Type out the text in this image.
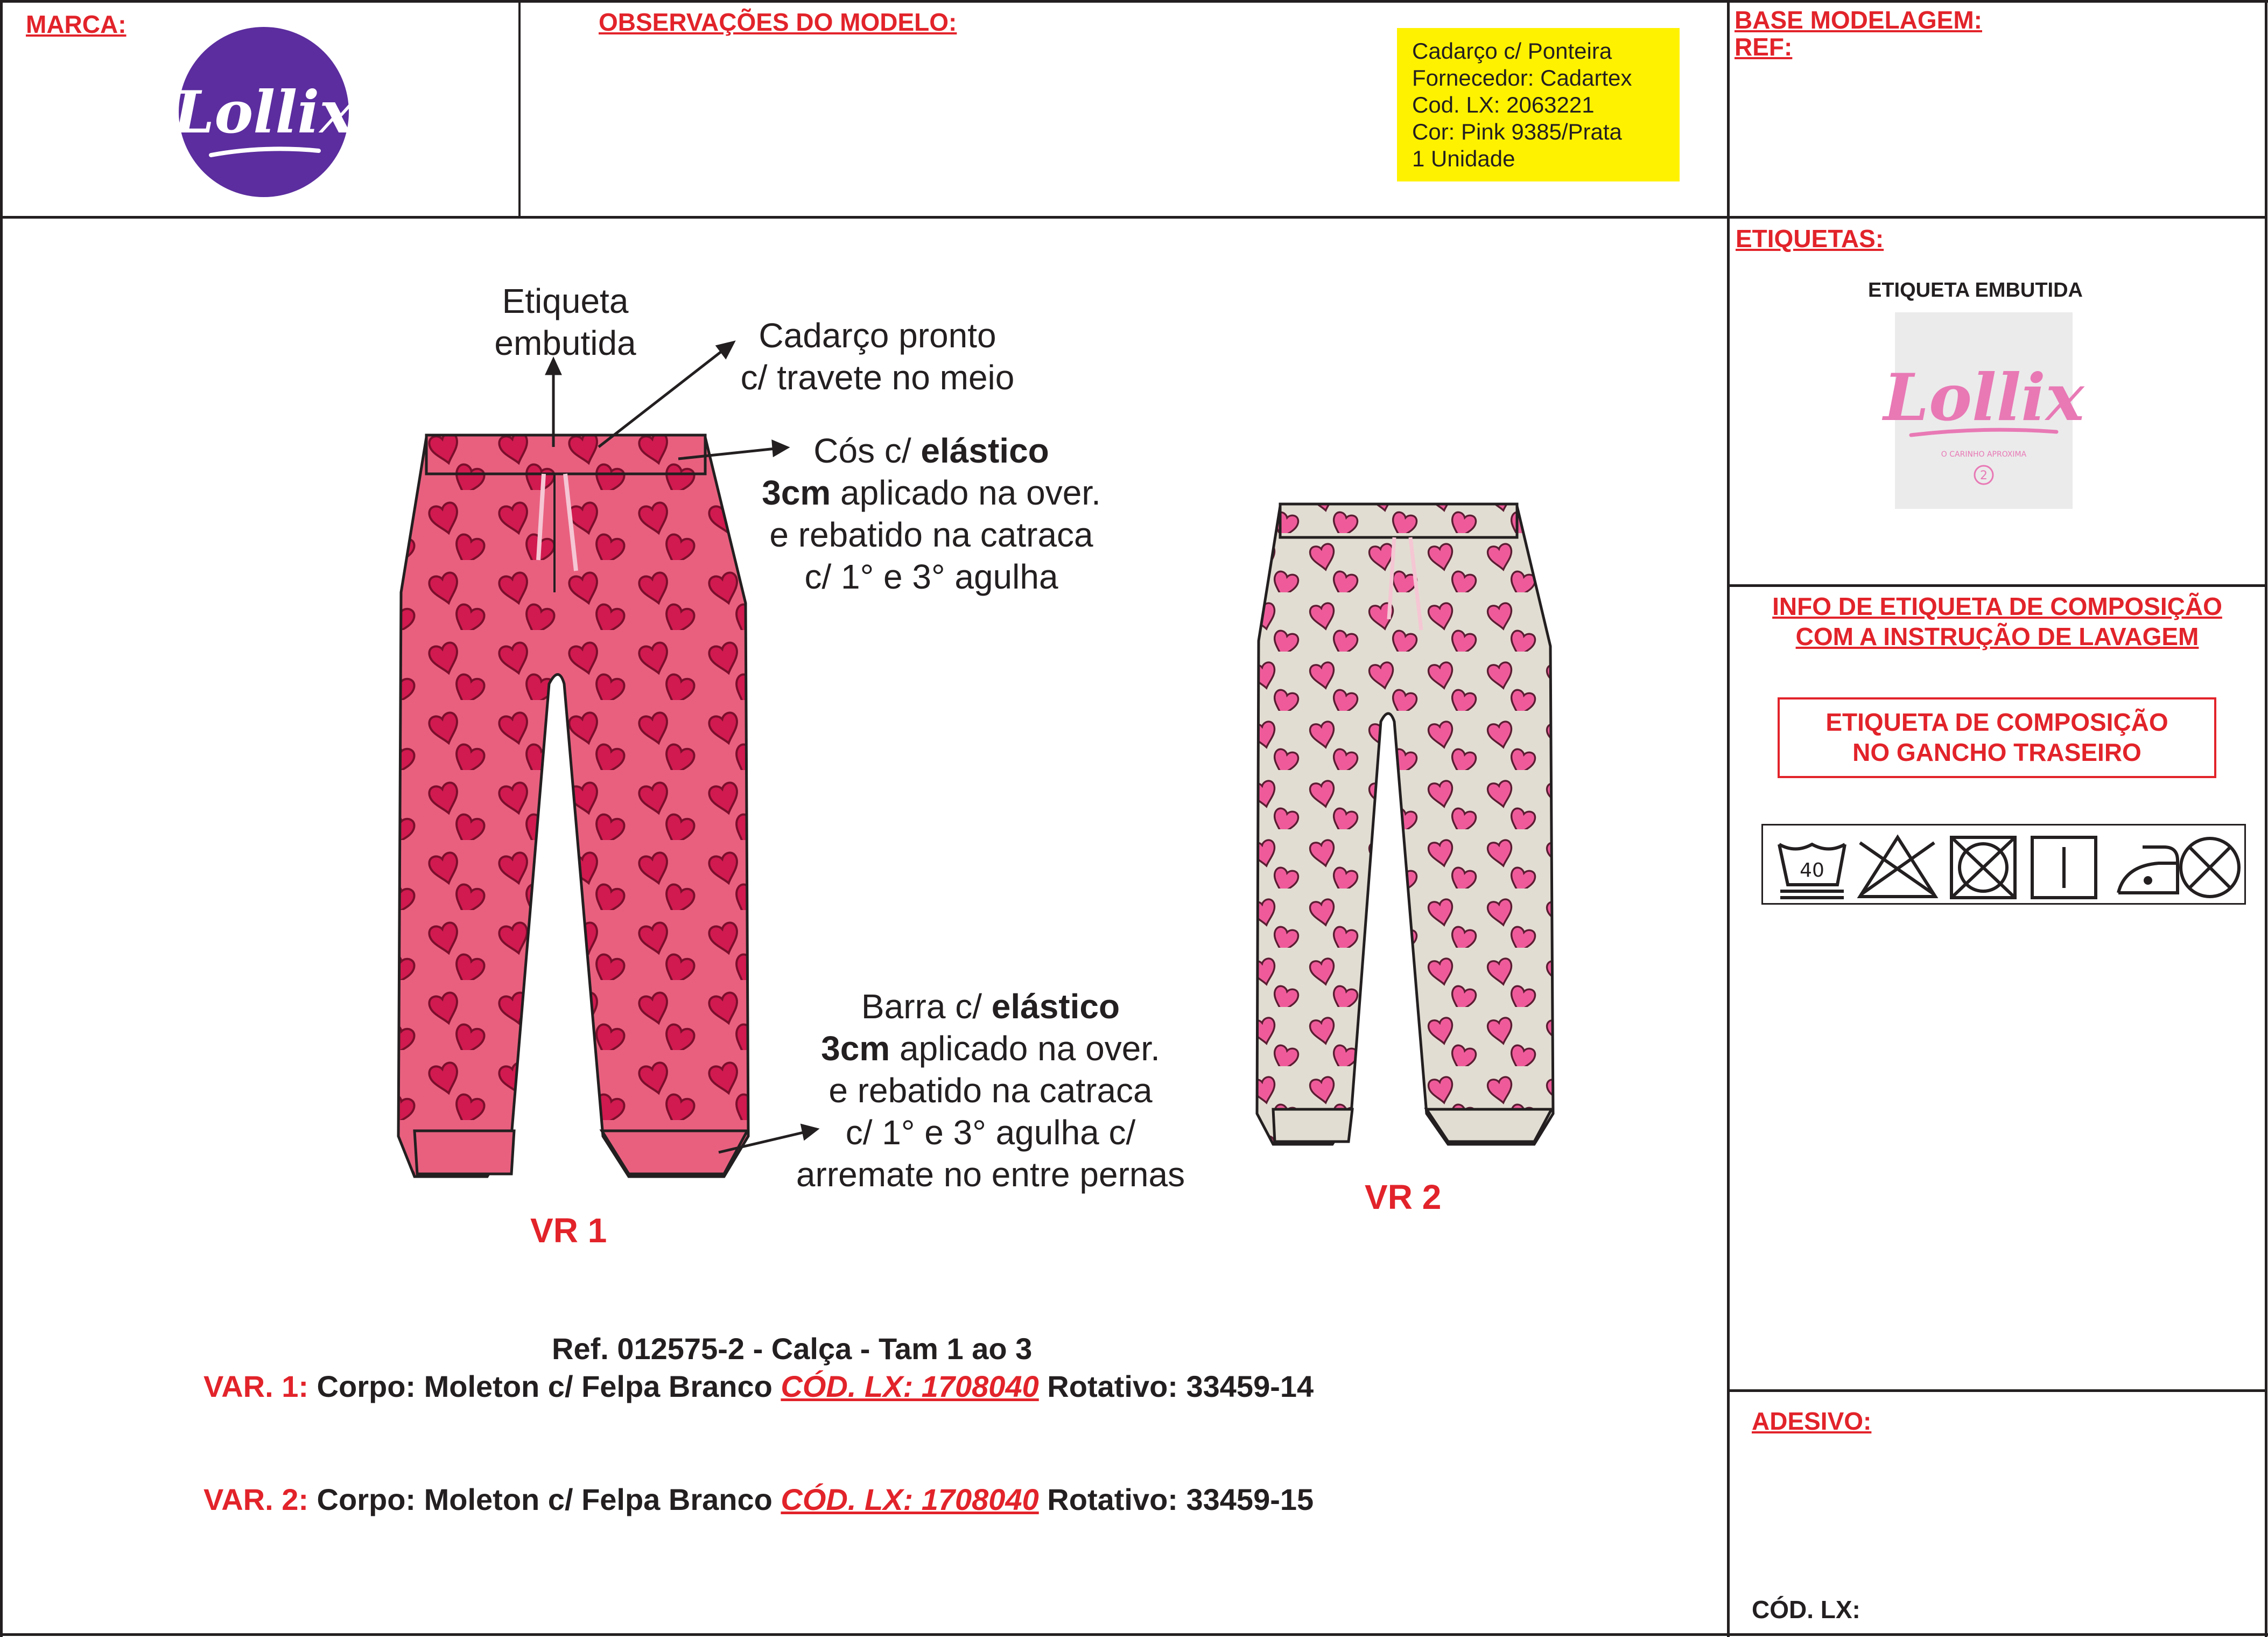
MARCA:
Lollix
OBSERVAÇÕES DO MODELO:
Cadarço c/ Ponteira
Fornecedor: Cadartex
Cod. LX: 2063221
Cor: Pink 9385/Prata
1 Unidade
BASE MODELAGEM:
REF:
Etiqueta
embutida	Cadarço pronto
c/ travete no meio
Cós c/ elástico
3cm aplicado na over.
e rebatido na catraca
c/ 1° e 3° agulha
Barra c/ elástico
3cm aplicado na over.
e rebatido na catraca
c/ 1° e 3° agulha c/
arremate no entre pernas
VR 1
VR 2
Ref. 012575-2 - Calça - Tam 1 ao 3
VAR. 1: Corpo: Moleton c/ Felpa Branco CÓD. LX: 1708040 Rotativo: 33459-14
VAR. 2: Corpo: Moleton c/ Felpa Branco CÓD. LX: 1708040 Rotativo: 33459-15
ETIQUETAS:
ETIQUETA EMBUTIDA
Lollix
O CARINHO APROXIMA
2
INFO DE ETIQUETA DE COMPOSIÇÃO
COM A INSTRUÇÃO DE LAVAGEM
ETIQUETA DE COMPOSIÇÃO
NO GANCHO TRASEIRO
40
ADESIVO:
CÓD. LX:
